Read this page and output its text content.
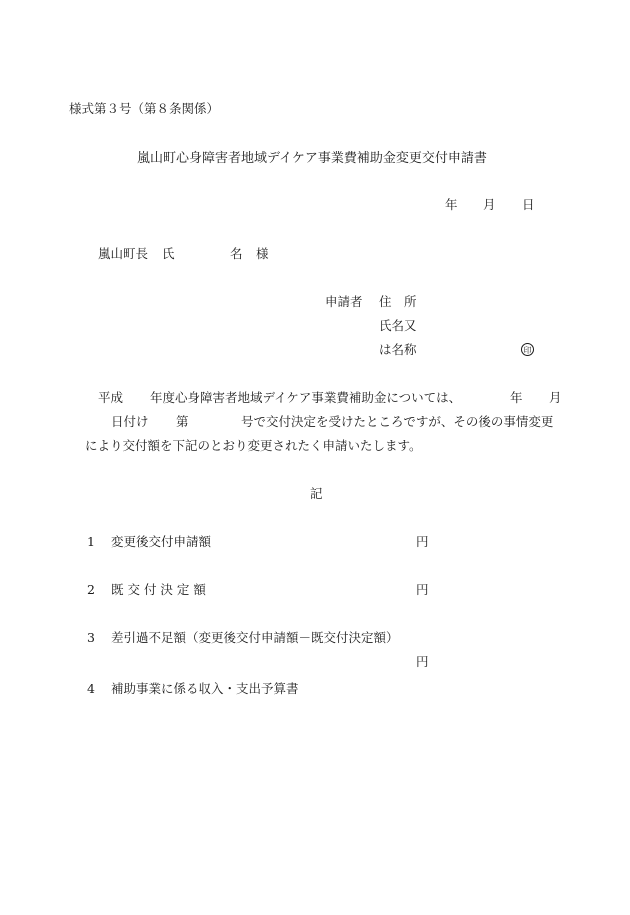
様式第３号（第８条関係）
嵐山町心身障害者地域デイケア事業費補助金変更交付申請書
年 月 日
嵐山町長 氏	名 様
申請者 住　所
氏名又
は名称	印
平成 年度心身障害者地域デイケア事業費補助金については、	年 月
日付け 第	号で交付決定を受けたところですが、その後の事情変更
により交付額を下記のとおり変更されたく申請いたします。
記
1 変更後交付申請額	円
2 既 交 付 決 定 額	円
3 差引過不足額（変更後交付申請額－既交付決定額）
円
4 補助事業に係る収入・支出予算書
